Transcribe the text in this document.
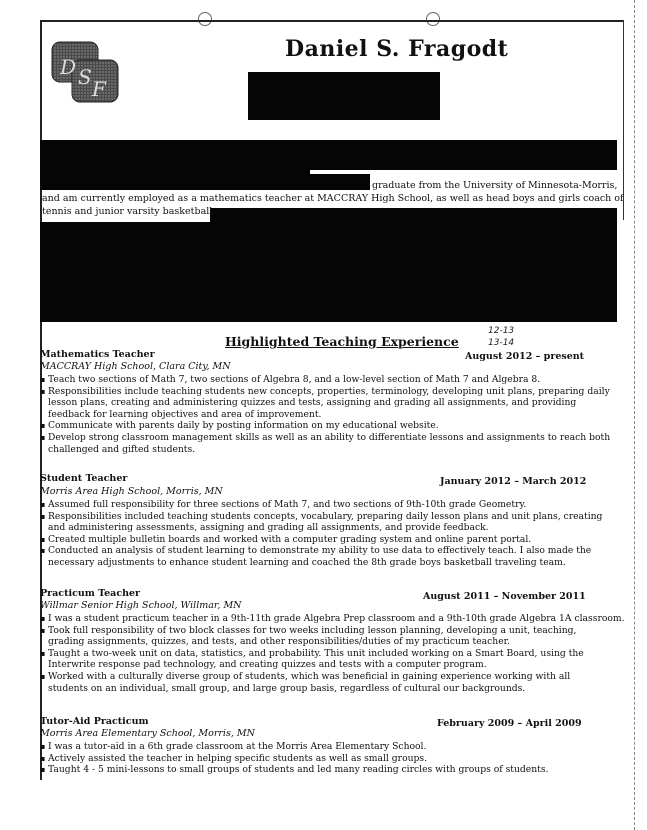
D S F
Daniel S. Fragodt
graduate from the University of Minnesota-Morris,
and am currently employed as a mathematics teacher at MACCRAY High School, as well as head boys and girls coach of
tennis and junior varsity basketball.
Highlighted Teaching Experience
12-13
13-14
Mathematics Teacher	August 2012 – present
MACCRAY High School, Clara City, MN
▪ Teach two sections of Math 7, two sections of Algebra 8, and a low-level section of Math 7 and Algebra 8.
▪ Responsibilities include teaching students new concepts, properties, terminology, developing unit plans, preparing daily
lesson plans, creating and administering quizzes and tests, assigning and grading all assignments, and providing
feedback for learning objectives and area of improvement.
▪ Communicate with parents daily by posting information on my educational website.
▪ Develop strong classroom management skills as well as an ability to differentiate lessons and assignments to reach both
challenged and gifted students.
Student Teacher	January 2012 – March 2012
Morris Area High School, Morris, MN
▪ Assumed full responsibility for three sections of Math 7, and two sections of 9th-10th grade Geometry.
▪ Responsibilities included teaching students concepts, vocabulary, preparing daily lesson plans and unit plans, creating
and administering assessments, assigning and grading all assignments, and provide feedback.
▪ Created multiple bulletin boards and worked with a computer grading system and online parent portal.
▪ Conducted an analysis of student learning to demonstrate my ability to use data to effectively teach. I also made the
necessary adjustments to enhance student learning and coached the 8th grade boys basketball traveling team.
Practicum Teacher	August 2011 – November 2011
Willmar Senior High School, Willmar, MN
▪ I was a student practicum teacher in a 9th-11th grade Algebra Prep classroom and a 9th-10th grade Algebra 1A classroom.
▪ Took full responsibility of two block classes for two weeks including lesson planning, developing a unit, teaching,
grading assignments, quizzes, and tests, and other responsibilities/duties of my practicum teacher.
▪ Taught a two-week unit on data, statistics, and probability. This unit included working on a Smart Board, using the
Interwrite response pad technology, and creating quizzes and tests with a computer program.
▪ Worked with a culturally diverse group of students, which was beneficial in gaining experience working with all
students on an individual, small group, and large group basis, regardless of cultural our backgrounds.
Tutor-Aid Practicum	February 2009 – April 2009
Morris Area Elementary School, Morris, MN
▪ I was a tutor-aid in a 6th grade classroom at the Morris Area Elementary School.
▪ Actively assisted the teacher in helping specific students as well as small groups.
▪ Taught 4 - 5 mini-lessons to small groups of students and led many reading circles with groups of students.
